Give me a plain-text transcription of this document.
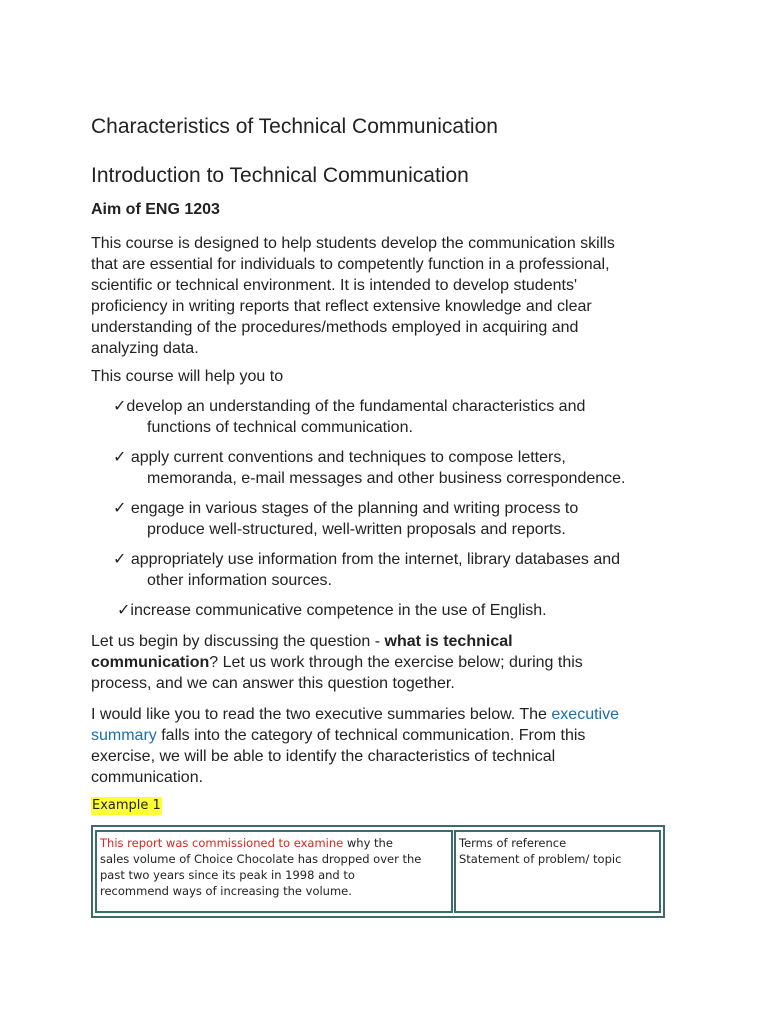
Characteristics of Technical Communication
Introduction to Technical Communication
Aim of ENG 1203
This course is designed to help students develop the communication skills
that are essential for individuals to competently function in a professional,
scientific or technical environment. It is intended to develop students'
proficiency in writing reports that reflect extensive knowledge and clear
understanding of the procedures/methods employed in acquiring and
analyzing data.
This course will help you to
✓develop an understanding of the fundamental characteristics and
functions of technical communication.
✓ apply current conventions and techniques to compose letters,
memoranda, e-mail messages and other business correspondence.
✓ engage in various stages of the planning and writing process to
produce well-structured, well-written proposals and reports.
✓ appropriately use information from the internet, library databases and
other information sources.
✓increase communicative competence in the use of English.
Let us begin by discussing the question - what is technical
communication? Let us work through the exercise below; during this
process, and we can answer this question together.
I would like you to read the two executive summaries below. The executive
summary falls into the category of technical communication. From this
exercise, we will be able to identify the characteristics of technical
communication.
Example 1
This report was commissioned to examine why the
sales volume of Choice Chocolate has dropped over the
past two years since its peak in 1998 and to
recommend ways of increasing the volume.
Terms of reference
Statement of problem/ topic
